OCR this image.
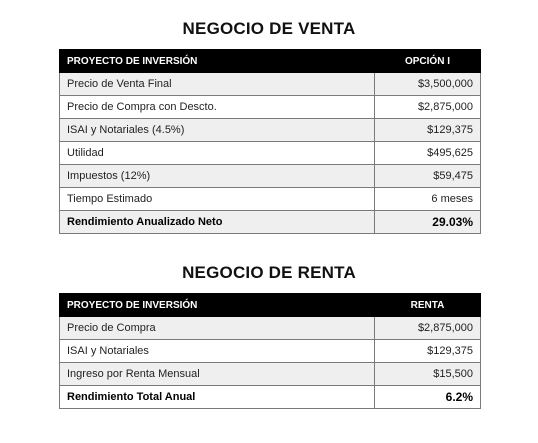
NEGOCIO DE VENTA
PROYECTO DE INVERSIÓN	OPCIÓN I
Precio de Venta Final	$3,500,000
Precio de Compra con Descto.	$2,875,000
ISAI y Notariales (4.5%)	$129,375
Utilidad	$495,625
Impuestos (12%)	$59,475
Tiempo Estimado	6 meses
Rendimiento Anualizado Neto	29.03%
NEGOCIO DE RENTA
PROYECTO DE INVERSIÓN	RENTA
Precio de Compra	$2,875,000
ISAI y Notariales	$129,375
Ingreso por Renta Mensual	$15,500
Rendimiento Total Anual	6.2%
